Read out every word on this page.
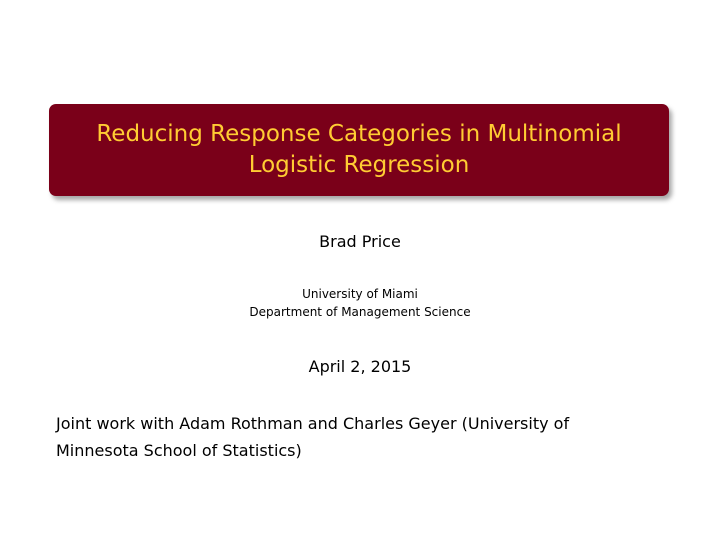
Reducing Response Categories in Multinomial
Logistic Regression
Brad Price
University of Miami
Department of Management Science
April 2, 2015
Joint work with Adam Rothman and Charles Geyer (University of
Minnesota School of Statistics)
